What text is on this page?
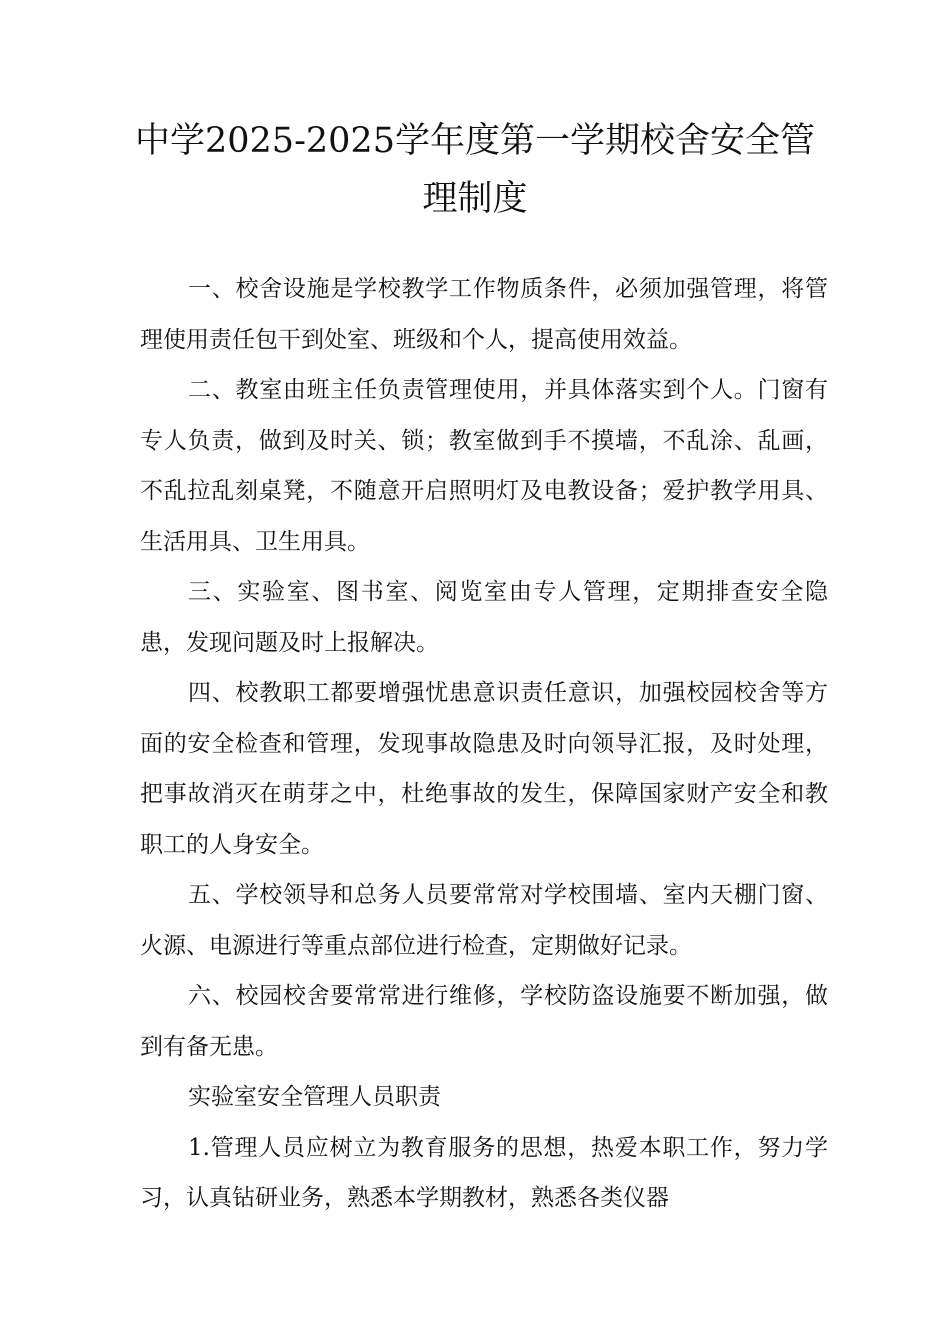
中学2025-2025学年度第一学期校舍安全管理制度

一、校舍设施是学校教学工作物质条件，必须加强管理，将管理使用责任包干到处室、班级和个人，提高使用效益。

二、教室由班主任负责管理使用，并具体落实到个人。门窗有专人负责，做到及时关、锁；教室做到手不摸墙，不乱涂、乱画，不乱拉乱刻桌凳，不随意开启照明灯及电教设备；爱护教学用具、生活用具、卫生用具。

三、实验室、图书室、阅览室由专人管理，定期排查安全隐患，发现问题及时上报解决。

四、校教职工都要增强忧患意识责任意识，加强校园校舍等方面的安全检查和管理，发现事故隐患及时向领导汇报，及时处理，把事故消灭在萌芽之中，杜绝事故的发生，保障国家财产安全和教职工的人身安全。

五、学校领导和总务人员要常常对学校围墙、室内天棚门窗、火源、电源进行等重点部位进行检查，定期做好记录。

六、校园校舍要常常进行维修，学校防盗设施要不断加强，做到有备无患。

实验室安全管理人员职责

1.管理人员应树立为教育服务的思想，热爱本职工作，努力学习，认真钻研业务，熟悉本学期教材，熟悉各类仪器
